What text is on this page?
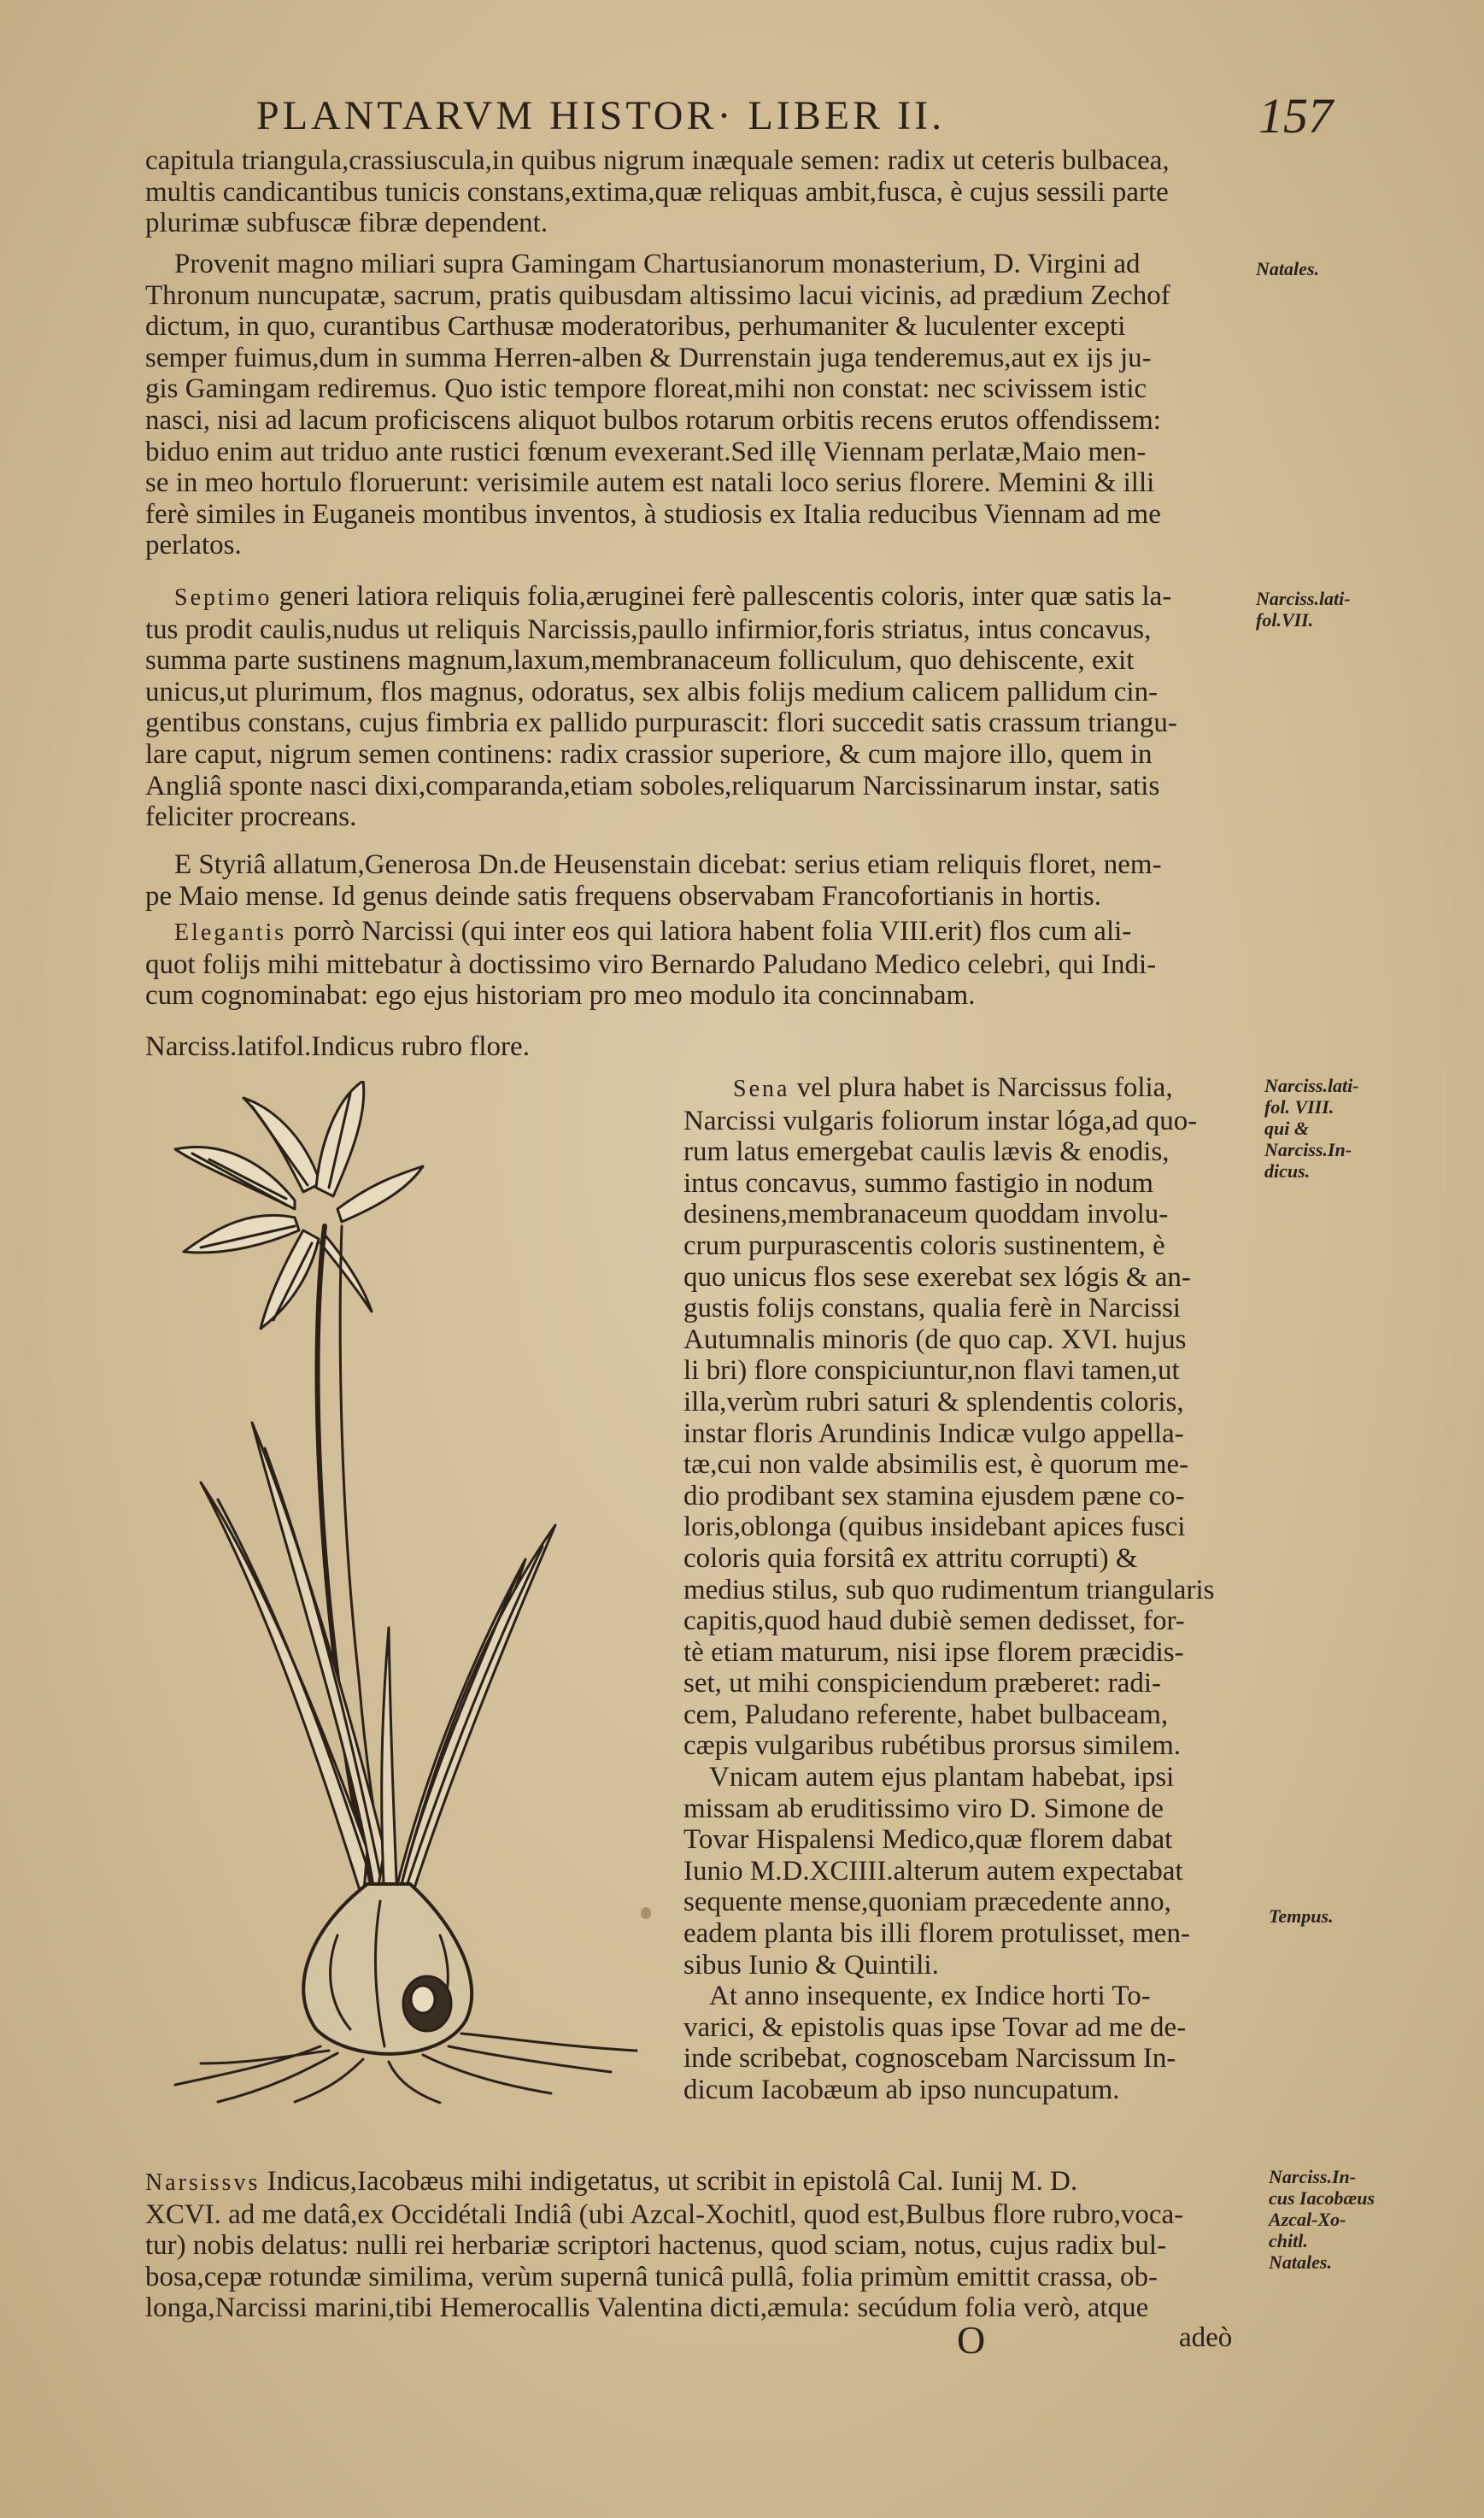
PLANTARVM HISTOR· LIBER II.	157
capitula triangula,crassiuscula,in quibus nigrum inæquale semen: radix ut ceteris bulbacea,
multis candicantibus tunicis constans,extima,quæ reliquas ambit,fusca, è cujus sessili parte
plurimæ subfuscæ fibræ dependent.
Provenit magno miliari supra Gamingam Chartusianorum monasterium, D. Virgini ad
Thronum nuncupatæ, sacrum, pratis quibusdam altissimo lacui vicinis, ad prædium Zechof
dictum, in quo, curantibus Carthusæ moderatoribus, perhumaniter & luculenter excepti
semper fuimus,dum in summa Herren-alben & Durrenstain juga tenderemus,aut ex ijs ju-
gis Gamingam rediremus. Quo istic tempore floreat,mihi non constat: nec scivissem istic
nasci, nisi ad lacum proficiscens aliquot bulbos rotarum orbitis recens erutos offendissem:
biduo enim aut triduo ante rustici fœnum evexerant.Sed illę Viennam perlatæ,Maio men-
se in meo hortulo floruerunt: verisimile autem est natali loco serius florere. Memini & illi
ferè similes in Euganeis montibus inventos, à studiosis ex Italia reducibus Viennam ad me
perlatos.
Septimo generi latiora reliquis folia,æruginei ferè pallescentis coloris, inter quæ satis la-
tus prodit caulis,nudus ut reliquis Narcissis,paullo infirmior,foris striatus, intus concavus,
summa parte sustinens magnum,laxum,membranaceum folliculum, quo dehiscente, exit
unicus,ut plurimum, flos magnus, odoratus, sex albis folijs medium calicem pallidum cin-
gentibus constans, cujus fimbria ex pallido purpurascit: flori succedit satis crassum triangu-
lare caput, nigrum semen continens: radix crassior superiore, & cum majore illo, quem in
Angliâ sponte nasci dixi,comparanda,etiam soboles,reliquarum Narcissinarum instar, satis
feliciter procreans.
E Styriâ allatum,Generosa Dn.de Heusenstain dicebat: serius etiam reliquis floret, nem-
pe Maio mense. Id genus deinde satis frequens observabam Francofortianis in hortis.
Elegantis porrò Narcissi (qui inter eos qui latiora habent folia VIII.erit) flos cum ali-
quot folijs mihi mittebatur à doctissimo viro Bernardo Paludano Medico celebri, qui Indi-
cum cognominabat: ego ejus historiam pro meo modulo ita concinnabam.
Narciss.latifol.Indicus rubro flore.
Sena vel plura habet is Narcissus folia,
Narcissi vulgaris foliorum instar lóga,ad quo-
rum latus emergebat caulis lævis & enodis,
intus concavus, summo fastigio in nodum
desinens,membranaceum quoddam involu-
crum purpurascentis coloris sustinentem, è
quo unicus flos sese exerebat sex lógis & an-
gustis folijs constans, qualia ferè in Narcissi
Autumnalis minoris (de quo cap. XVI. hujus
li bri) flore conspiciuntur,non flavi tamen,ut
illa,verùm rubri saturi & splendentis coloris,
instar floris Arundinis Indicæ vulgo appella-
tæ,cui non valde absimilis est, è quorum me-
dio prodibant sex stamina ejusdem pæne co-
loris,oblonga (quibus insidebant apices fusci
coloris quia forsitâ ex attritu corrupti) &
medius stilus, sub quo rudimentum triangularis
capitis,quod haud dubiè semen dedisset, for-
tè etiam maturum, nisi ipse florem præcidis-
set, ut mihi conspiciendum præberet: radi-
cem, Paludano referente, habet bulbaceam,
cæpis vulgaribus rubétibus prorsus similem.
Vnicam autem ejus plantam habebat, ipsi
missam ab eruditissimo viro D. Simone de
Tovar Hispalensi Medico,quæ florem dabat
Iunio M.D.XCIIII.alterum autem expectabat
sequente mense,quoniam præcedente anno,
eadem planta bis illi florem protulisset, men-
sibus Iunio & Quintili.
At anno insequente, ex Indice horti To-
varici, & epistolis quas ipse Tovar ad me de-
inde scribebat, cognoscebam Narcissum In-
dicum Iacobæum ab ipso nuncupatum.
Narsissvs Indicus,Iacobæus mihi indigetatus, ut scribit in epistolâ Cal. Iunij M. D.
XCVI. ad me datâ,ex Occidétali Indiâ (ubi Azcal-Xochitl, quod est,Bulbus flore rubro,voca-
tur) nobis delatus: nulli rei herbariæ scriptori hactenus, quod sciam, notus, cujus radix bul-
bosa,cepæ rotundæ similima, verùm supernâ tunicâ pullâ, folia primùm emittit crassa, ob-
longa,Narcissi marini,tibi Hemerocallis Valentina dicti,æmula: secúdum folia verò, atque
O	adeò
Natales.
Narciss.lati-
fol.VII.
Narciss.lati-
fol. VIII.
qui &
Narciss.In-
dicus.
Tempus.
Narciss.In-
cus Iacobæus
Azcal-Xo-
chitl.
Natales.
